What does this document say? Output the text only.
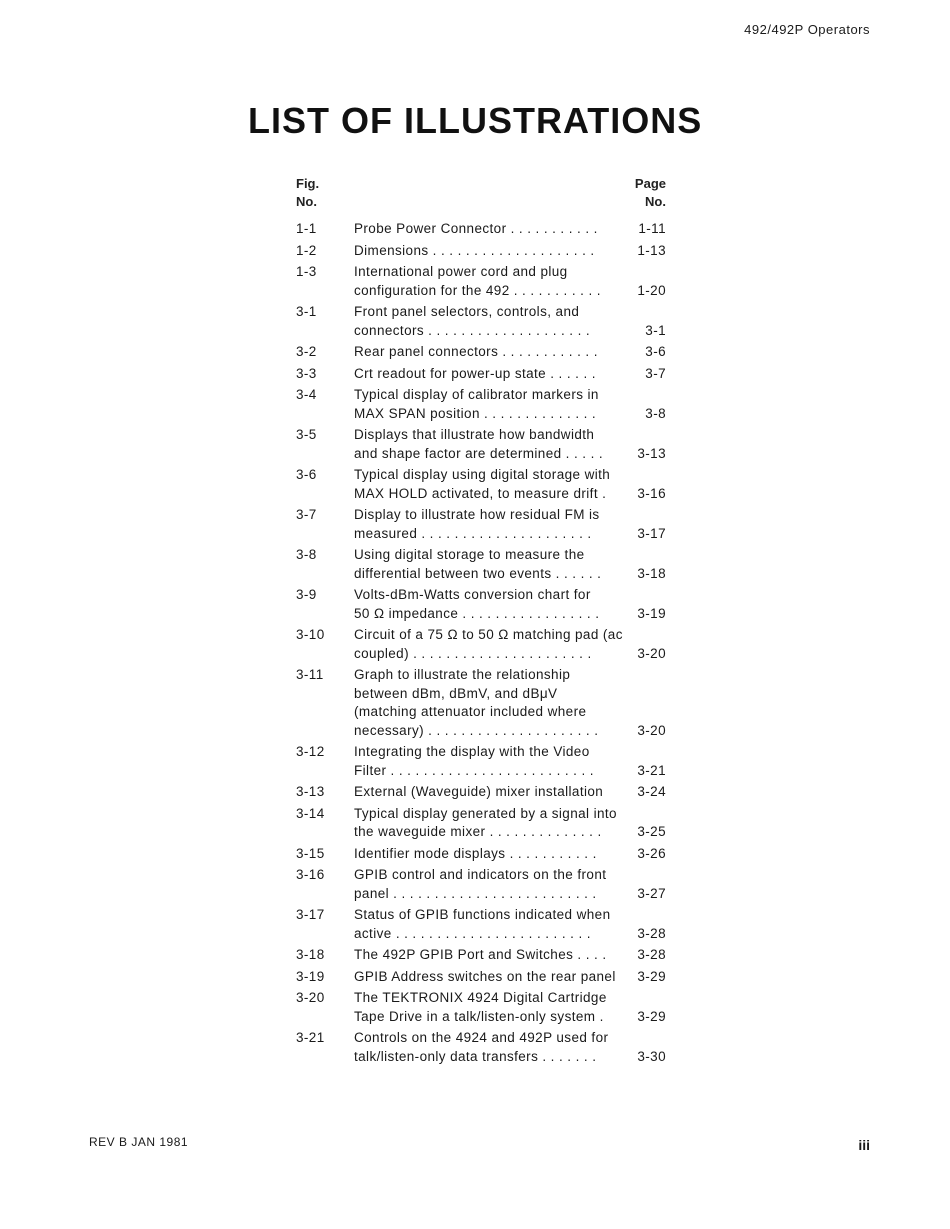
492/492P Operators
LIST OF ILLUSTRATIONS
Fig.
No.
Page
No.
1-1	Probe Power Connector . . . . . . . . . . .	1-11
1-2	Dimensions . . . . . . . . . . . . . . . . . . . .	1-13
1-3	International power cord and plug
configuration for the 492 . . . . . . . . . . .	1-20
3-1	Front panel selectors, controls, and
connectors . . . . . . . . . . . . . . . . . . . .	3-1
3-2	Rear panel connectors . . . . . . . . . . . .	3-6
3-3	Crt readout for power-up state . . . . . .	3-7
3-4	Typical display of calibrator markers in
MAX SPAN position . . . . . . . . . . . . . .	3-8
3-5	Displays that illustrate how bandwidth
and shape factor are determined . . . . .	3-13
3-6	Typical display using digital storage with
MAX HOLD activated, to measure drift .	3-16
3-7	Display to illustrate how residual FM is
measured . . . . . . . . . . . . . . . . . . . . .	3-17
3-8	Using digital storage to measure the
differential between two events . . . . . .	3-18
3-9	Volts-dBm-Watts conversion chart for
50 Ω impedance . . . . . . . . . . . . . . . . .	3-19
3-10	Circuit of a 75 Ω to 50 Ω matching pad (ac
coupled) . . . . . . . . . . . . . . . . . . . . . .	3-20
3-11	Graph to illustrate the relationship
between dBm, dBmV, and dBμV
(matching attenuator included where
necessary) . . . . . . . . . . . . . . . . . . . . .	3-20
3-12	Integrating the display with the Video
Filter . . . . . . . . . . . . . . . . . . . . . . . . .	3-21
3-13	External (Waveguide) mixer installation	3-24
3-14	Typical display generated by a signal into
the waveguide mixer . . . . . . . . . . . . . .	3-25
3-15	Identifier mode displays . . . . . . . . . . .	3-26
3-16	GPIB control and indicators on the front
panel . . . . . . . . . . . . . . . . . . . . . . . . .	3-27
3-17	Status of GPIB functions indicated when
active . . . . . . . . . . . . . . . . . . . . . . . .	3-28
3-18	The 492P GPIB Port and Switches . . . .	3-28
3-19	GPIB Address switches on the rear panel	3-29
3-20	The TEKTRONIX 4924 Digital Cartridge
Tape Drive in a talk/listen-only system .	3-29
3-21	Controls on the 4924 and 492P used for
talk/listen-only data transfers . . . . . . .	3-30
REV B JAN 1981	iii
